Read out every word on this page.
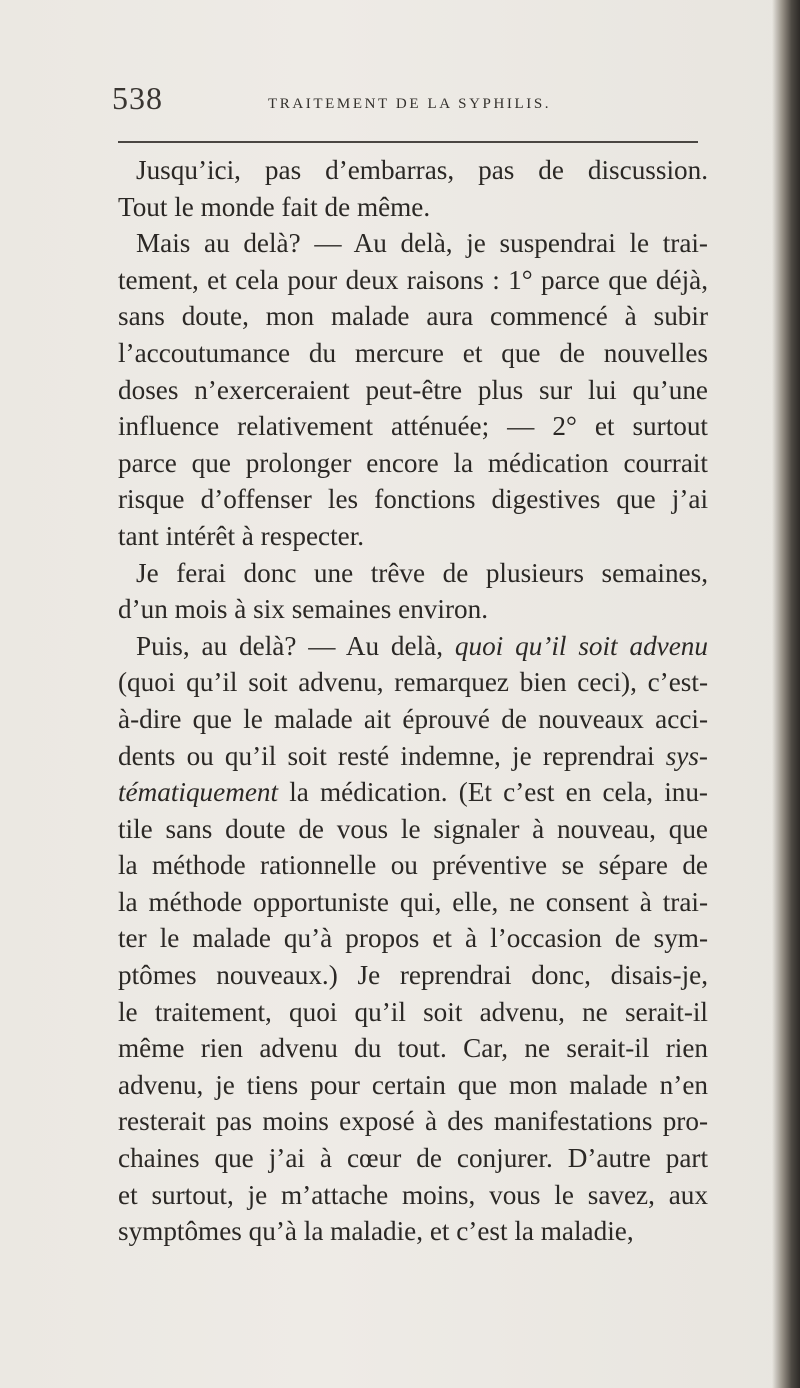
538	TRAITEMENT DE LA SYPHILIS.
Jusqu’ici, pas d’embarras, pas de discussion.
Tout le monde fait de même.
Mais au delà? — Au delà, je suspendrai le trai-
tement, et cela pour deux raisons : 1° parce que déjà,
sans doute, mon malade aura commencé à subir
l’accoutumance du mercure et que de nouvelles
doses n’exerceraient peut-être plus sur lui qu’une
influence relativement atténuée; — 2° et surtout
parce que prolonger encore la médication courrait
risque d’offenser les fonctions digestives que j’ai
tant intérêt à respecter.
Je ferai donc une trêve de plusieurs semaines,
d’un mois à six semaines environ.
Puis, au delà? — Au delà, quoi qu’il soit advenu
(quoi qu’il soit advenu, remarquez bien ceci), c’est-
à-dire que le malade ait éprouvé de nouveaux acci-
dents ou qu’il soit resté indemne, je reprendrai sys-
tématiquement la médication. (Et c’est en cela, inu-
tile sans doute de vous le signaler à nouveau, que
la méthode rationnelle ou préventive se sépare de
la méthode opportuniste qui, elle, ne consent à trai-
ter le malade qu’à propos et à l’occasion de sym-
ptômes nouveaux.) Je reprendrai donc, disais-je,
le traitement, quoi qu’il soit advenu, ne serait-il
même rien advenu du tout. Car, ne serait-il rien
advenu, je tiens pour certain que mon malade n’en
resterait pas moins exposé à des manifestations pro-
chaines que j’ai à cœur de conjurer. D’autre part
et surtout, je m’attache moins, vous le savez, aux
symptômes qu’à la maladie, et c’est la maladie,
